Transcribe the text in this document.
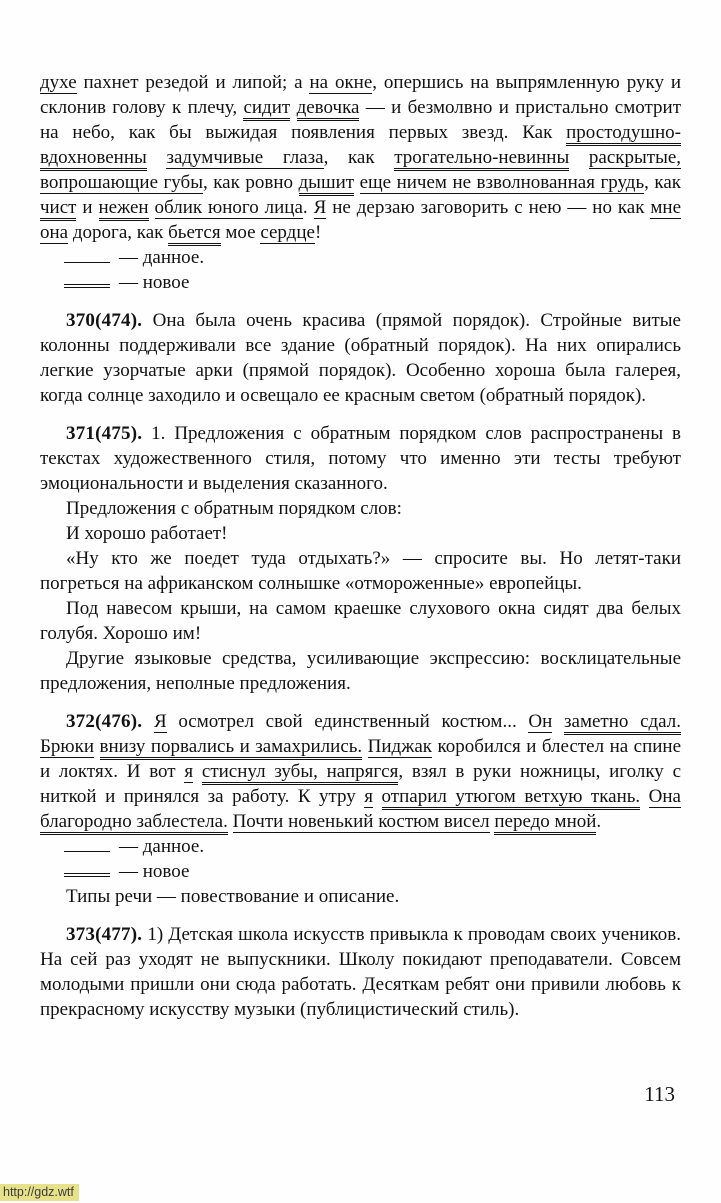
духе пахнет резедой и липой; а на окне, опершись на выпрямленную руку и склонив голову к плечу, сидит девочка — и безмолвно и пристально смотрит на небо, как бы выжидая появления первых звезд. Как простодушно-вдохновенны задумчивые глаза, как трогательно-невинны раскрытые, вопрошающие губы, как ровно дышит еще ничем не взволнованная грудь, как чист и нежен облик юного лица. Я не дерзаю заговорить с нею — но как мне она дорога, как бьется мое сердце!

— данное.

— новое

370(474). Она была очень красива (прямой порядок). Стройные витые колонны поддерживали все здание (обратный порядок). На них опирались легкие узорчатые арки (прямой порядок). Особенно хороша была галерея, когда солнце заходило и освещало ее красным светом (обратный порядок).

371(475). 1. Предложения с обратным порядком слов распространены в текстах художественного стиля, потому что именно эти тесты требуют эмоциональности и выделения сказанного.

Предложения с обратным порядком слов:

И хорошо работает!

«Ну кто же поедет туда отдыхать?» — спросите вы. Но летят-таки погреться на африканском солнышке «отмороженные» европейцы.

Под навесом крыши, на самом краешке слухового окна сидят два белых голубя. Хорошо им!

Другие языковые средства, усиливающие экспрессию: восклицательные предложения, неполные предложения.

372(476). Я осмотрел свой единственный костюм... Он заметно сдал. Брюки внизу порвались и замахрились. Пиджак коробился и блестел на спине и локтях. И вот я стиснул зубы, напрягся, взял в руки ножницы, иголку с ниткой и принялся за работу. К утру я отпарил утюгом ветхую ткань. Она благородно заблестела. Почти новенький костюм висел передо мной.

— данное.

— новое

Типы речи — повествование и описание.

373(477). 1) Детская школа искусств привыкла к проводам своих учеников. На сей раз уходят не выпускники. Школу покидают преподаватели. Совсем молодыми пришли они сюда работать. Десяткам ребят они привили любовь к прекрасному искусству музыки (публицистический стиль).

113
http://gdz.wtf
